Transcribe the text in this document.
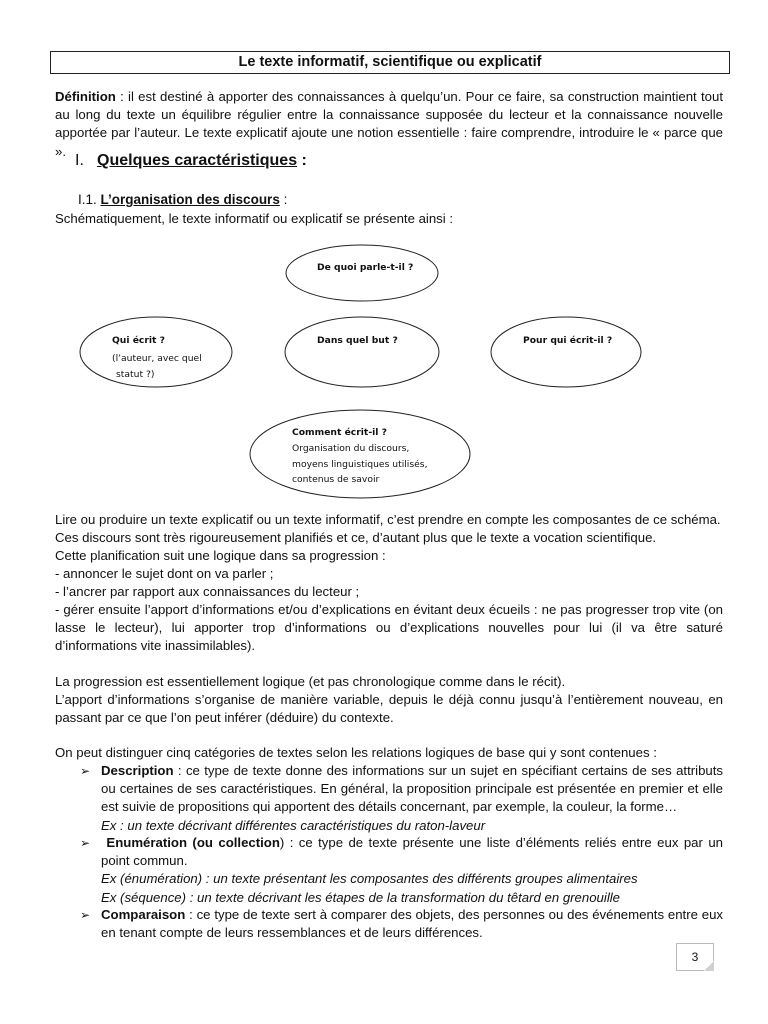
Le texte informatif, scientifique ou explicatif
Définition : il est destiné à apporter des connaissances à quelqu’un. Pour ce faire, sa construction maintient tout au long du texte un équilibre régulier entre la connaissance supposée du lecteur et la connaissance nouvelle apportée par l’auteur. Le texte explicatif ajoute une notion essentielle : faire comprendre, introduire le « parce que ».
I. Quelques caractéristiques :
I.1. L’organisation des discours :
Schématiquement, le texte informatif ou explicatif se présente ainsi :
De quoi parle-t-il ?
Qui écrit ?
(l’auteur, avec quel
statut ?)
Dans quel but ?	Pour qui écrit-il ?
Comment écrit-il ?
Organisation du discours,
moyens linguistiques utilisés,
contenus de savoir
Lire ou produire un texte explicatif ou un texte informatif, c’est prendre en compte les composantes de ce schéma.
Ces discours sont très rigoureusement planifiés et ce, d’autant plus que le texte a vocation scientifique.
Cette planification suit une logique dans sa progression :
- annoncer le sujet dont on va parler ;
- l’ancrer par rapport aux connaissances du lecteur ;
- gérer ensuite l’apport d’informations et/ou d’explications en évitant deux écueils : ne pas progresser trop vite (on lasse le lecteur), lui apporter trop d’informations ou d’explications nouvelles pour lui (il va être saturé d’informations vite inassimilables).
La progression est essentiellement logique (et pas chronologique comme dans le récit).
L’apport d’informations s’organise de manière variable, depuis le déjà connu jusqu’à l’entièrement nouveau, en passant par ce que l’on peut inférer (déduire) du contexte.
On peut distinguer cinq catégories de textes selon les relations logiques de base qui y sont contenues :
➢ Description : ce type de texte donne des informations sur un sujet en spécifiant certains de ses attributs ou certaines de ses caractéristiques. En général, la proposition principale est présentée en premier et elle est suivie de propositions qui apportent des détails concernant, par exemple, la couleur, la forme…
Ex : un texte décrivant différentes caractéristiques du raton-laveur
➢	Enumération (ou collection) : ce type de texte présente une liste d’éléments reliés entre eux par un point commun.
Ex (énumération) : un texte présentant les composantes des différents groupes alimentaires
Ex (séquence) : un texte décrivant les étapes de la transformation du têtard en grenouille
➢ Comparaison : ce type de texte sert à comparer des objets, des personnes ou des événements entre eux en tenant compte de leurs ressemblances et de leurs différences.
3
